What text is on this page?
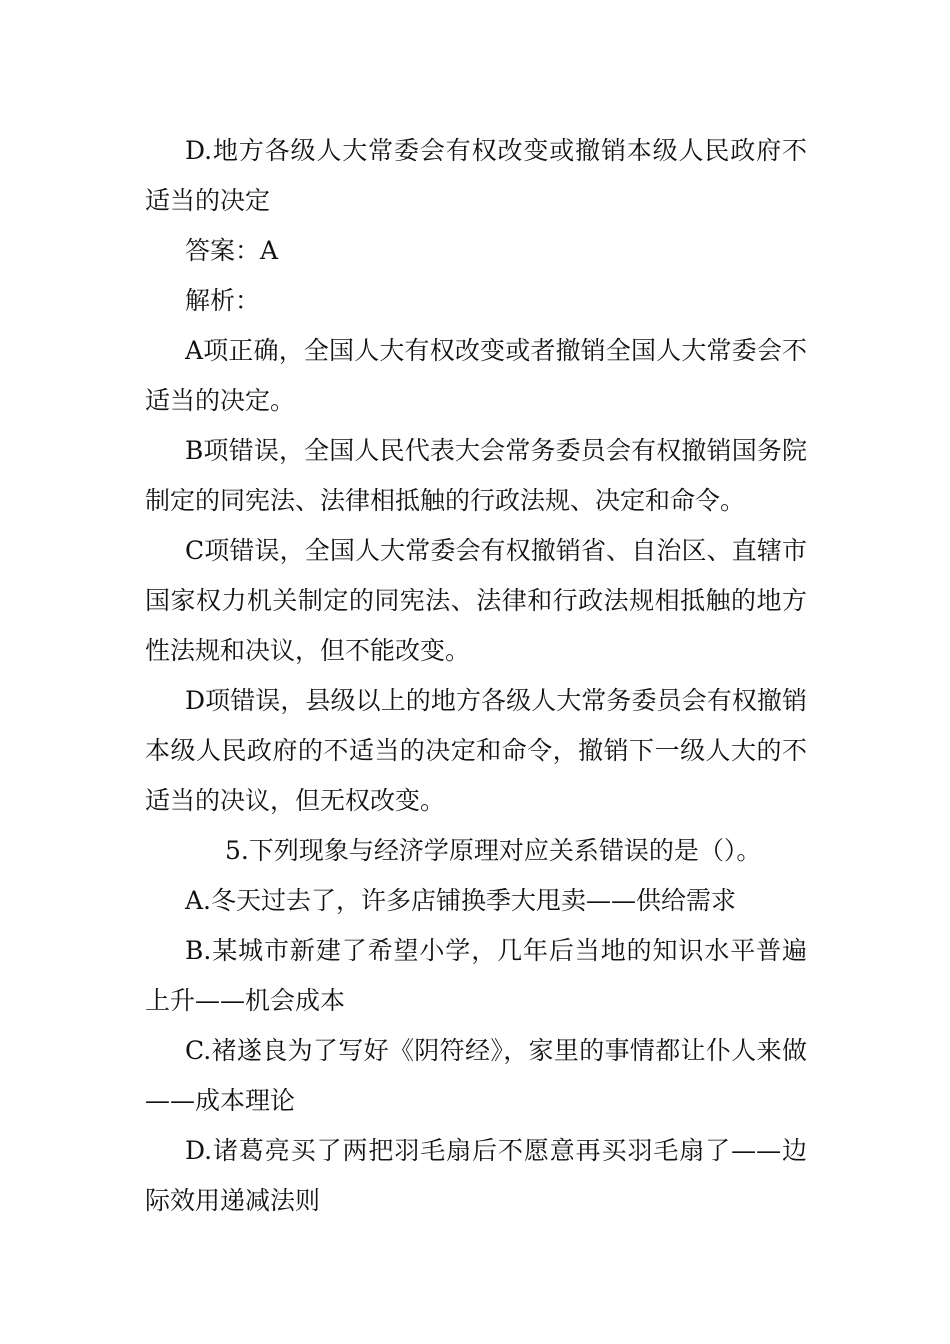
D.地方各级人大常委会有权改变或撤销本级人民政府不适当的决定

答案：A

解析：

A项正确，全国人大有权改变或者撤销全国人大常委会不适当的决定。

B项错误，全国人民代表大会常务委员会有权撤销国务院制定的同宪法、法律相抵触的行政法规、决定和命令。

C项错误，全国人大常委会有权撤销省、自治区、直辖市国家权力机关制定的同宪法、法律和行政法规相抵触的地方性法规和决议，但不能改变。

D项错误，县级以上的地方各级人大常务委员会有权撤销本级人民政府的不适当的决定和命令，撤销下一级人大的不适当的决议，但无权改变。

5.下列现象与经济学原理对应关系错误的是（）。

A.冬天过去了，许多店铺换季大甩卖——供给需求

B.某城市新建了希望小学，几年后当地的知识水平普遍上升——机会成本

C.褚遂良为了写好《阴符经》，家里的事情都让仆人来做——成本理论

D.诸葛亮买了两把羽毛扇后不愿意再买羽毛扇了——边际效用递减法则
